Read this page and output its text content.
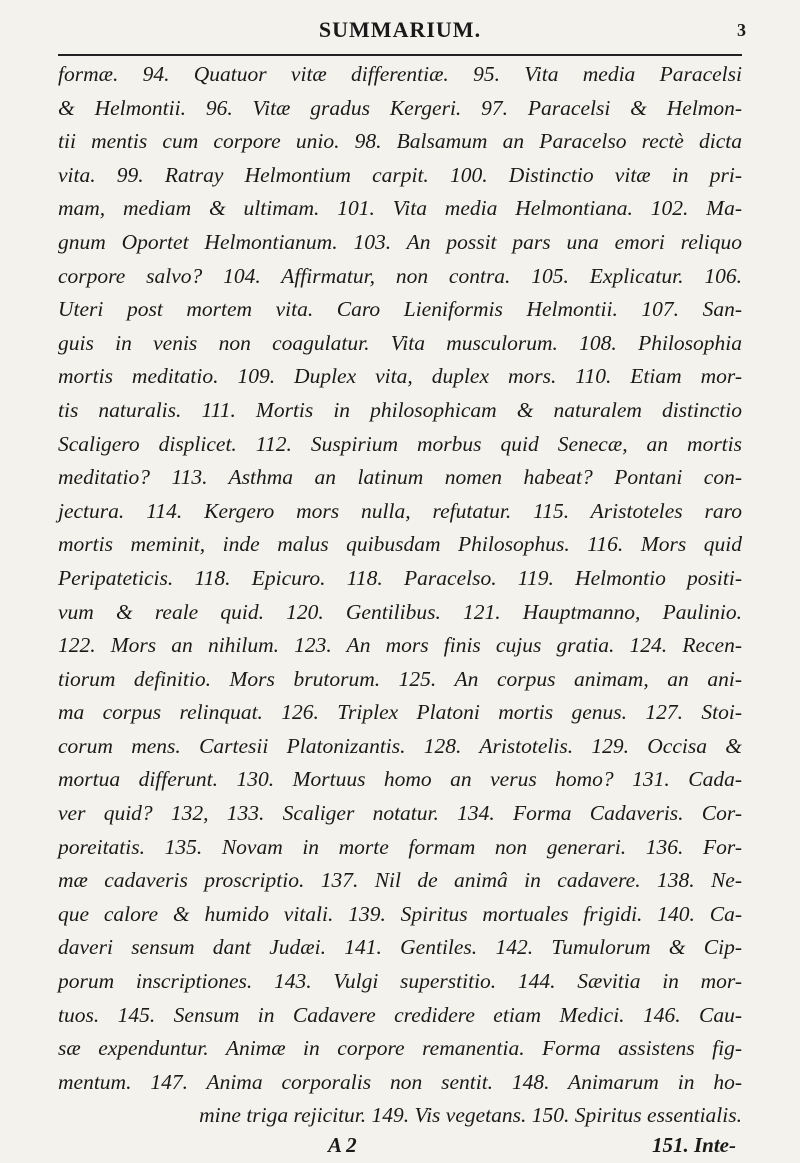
SUMMARIUM.	3
formæ. 94. Quatuor vitæ differentiæ. 95. Vita media Paracelsi
& Helmontii. 96. Vitæ gradus Kergeri. 97. Paracelsi & Helmon-
tii mentis cum corpore unio. 98. Balsamum an Paracelso rectè dicta
vita. 99. Ratray Helmontium carpit. 100. Distinctio vitæ in pri-
mam, mediam & ultimam. 101. Vita media Helmontiana. 102. Ma-
gnum Oportet Helmontianum. 103. An possit pars una emori reliquo
corpore salvo? 104. Affirmatur, non contra. 105. Explicatur. 106.
Uteri post mortem vita. Caro Lieniformis Helmontii. 107. San-
guis in venis non coagulatur. Vita musculorum. 108. Philosophia
mortis meditatio. 109. Duplex vita, duplex mors. 110. Etiam mor-
tis naturalis. 111. Mortis in philosophicam & naturalem distinctio
Scaligero displicet. 112. Suspirium morbus quid Senecæ, an mortis
meditatio? 113. Asthma an latinum nomen habeat? Pontani con-
jectura. 114. Kergero mors nulla, refutatur. 115. Aristoteles raro
mortis meminit, inde malus quibusdam Philosophus. 116. Mors quid
Peripateticis. 118. Epicuro. 118. Paracelso. 119. Helmontio positi-
vum & reale quid. 120. Gentilibus. 121. Hauptmanno, Paulinio.
122. Mors an nihilum. 123. An mors finis cujus gratia. 124. Recen-
tiorum definitio. Mors brutorum. 125. An corpus animam, an ani-
ma corpus relinquat. 126. Triplex Platoni mortis genus. 127. Stoi-
corum mens. Cartesii Platonizantis. 128. Aristotelis. 129. Occisa &
mortua differunt. 130. Mortuus homo an verus homo? 131. Cada-
ver quid? 132, 133. Scaliger notatur. 134. Forma Cadaveris. Cor-
poreitatis. 135. Novam in morte formam non generari. 136. For-
mæ cadaveris proscriptio. 137. Nil de animâ in cadavere. 138. Ne-
que calore & humido vitali. 139. Spiritus mortuales frigidi. 140. Ca-
daveri sensum dant Judæi. 141. Gentiles. 142. Tumulorum & Cip-
porum inscriptiones. 143. Vulgi superstitio. 144. Sævitia in mor-
tuos. 145. Sensum in Cadavere credidere etiam Medici. 146. Cau-
sæ expenduntur. Animæ in corpore remanentia. Forma assistens fig-
mentum. 147. Anima corporalis non sentit. 148. Animarum in ho-
mine triga rejicitur. 149. Vis vegetans. 150. Spiritus essentialis.
A 2	151. Inte-
